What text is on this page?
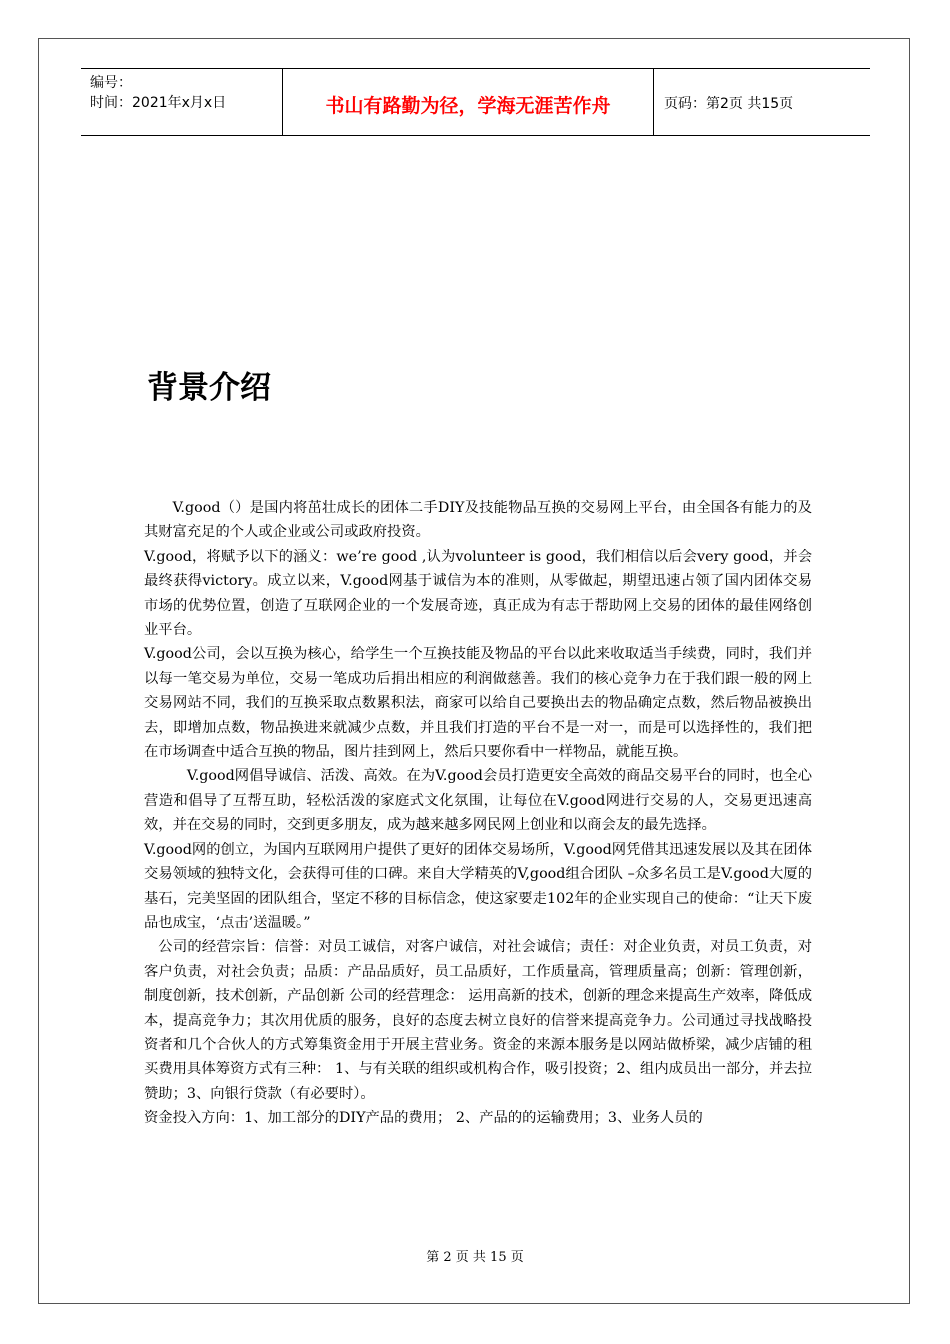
编号：
时间：2021年x月x日	书山有路勤为径，学海无涯苦作舟	页码：第2页 共15页
背景介绍

V.good（）是国内将茁壮成长的团体二手DIY及技能物品互换的交易网上平台，由全国各有能力的及其财富充足的个人或企业或公司或政府投资。

V.good，将赋予以下的涵义：we’re good ,认为volunteer is good，我们相信以后会very good，并会最终获得victory。成立以来，V.good网基于诚信为本的准则，从零做起，期望迅速占领了国内团体交易市场的优势位置，创造了互联网企业的一个发展奇迹，真正成为有志于帮助网上交易的团体的最佳网络创业平台。

V.good公司，会以互换为核心，给学生一个互换技能及物品的平台以此来收取适当手续费，同时，我们并以每一笔交易为单位，交易一笔成功后捐出相应的利润做慈善。我们的核心竞争力在于我们跟一般的网上交易网站不同，我们的互换采取点数累积法，商家可以给自己要换出去的物品确定点数，然后物品被换出去，即增加点数，物品换进来就减少点数，并且我们打造的平台不是一对一，而是可以选择性的，我们把在市场调查中适合互换的物品，图片挂到网上，然后只要你看中一样物品，就能互换。

V.good网倡导诚信、活泼、高效。在为V.good会员打造更安全高效的商品交易平台的同时，也全心营造和倡导了互帮互助，轻松活泼的家庭式文化氛围，让每位在V.good网进行交易的人，交易更迅速高效，并在交易的同时，交到更多朋友，成为越来越多网民网上创业和以商会友的最先选择。

V.good网的创立，为国内互联网用户提供了更好的团体交易场所，V.good网凭借其迅速发展以及其在团体交易领域的独特文化，会获得可佳的口碑。来自大学精英的V,good组合团队 –众多名员工是V.good大厦的基石，完美坚固的团队组合，坚定不移的目标信念，使这家要走102年的企业实现自己的使命：“让天下废品也成宝，‘点击’送温暖。”

公司的经营宗旨：信誉：对员工诚信，对客户诚信，对社会诚信；责任：对企业负责，对员工负责，对客户负责，对社会负责；品质：产品品质好，员工品质好，工作质量高，管理质量高；创新：管理创新，制度创新，技术创新，产品创新 公司的经营理念： 运用高新的技术，创新的理念来提高生产效率，降低成本，提高竞争力；其次用优质的服务，良好的态度去树立良好的信誉来提高竞争力。公司通过寻找战略投资者和几个合伙人的方式筹集资金用于开展主营业务。资金的来源本服务是以网站做桥梁，减少店铺的租买费用具体筹资方式有三种： 1、与有关联的组织或机构合作，吸引投资；2、组内成员出一部分，并去拉赞助；3、向银行贷款（有必要时）。

资金投入方向：1、加工部分的DIY产品的费用； 2、产品的的运输费用；3、业务人员的

第 2 页 共 15 页
